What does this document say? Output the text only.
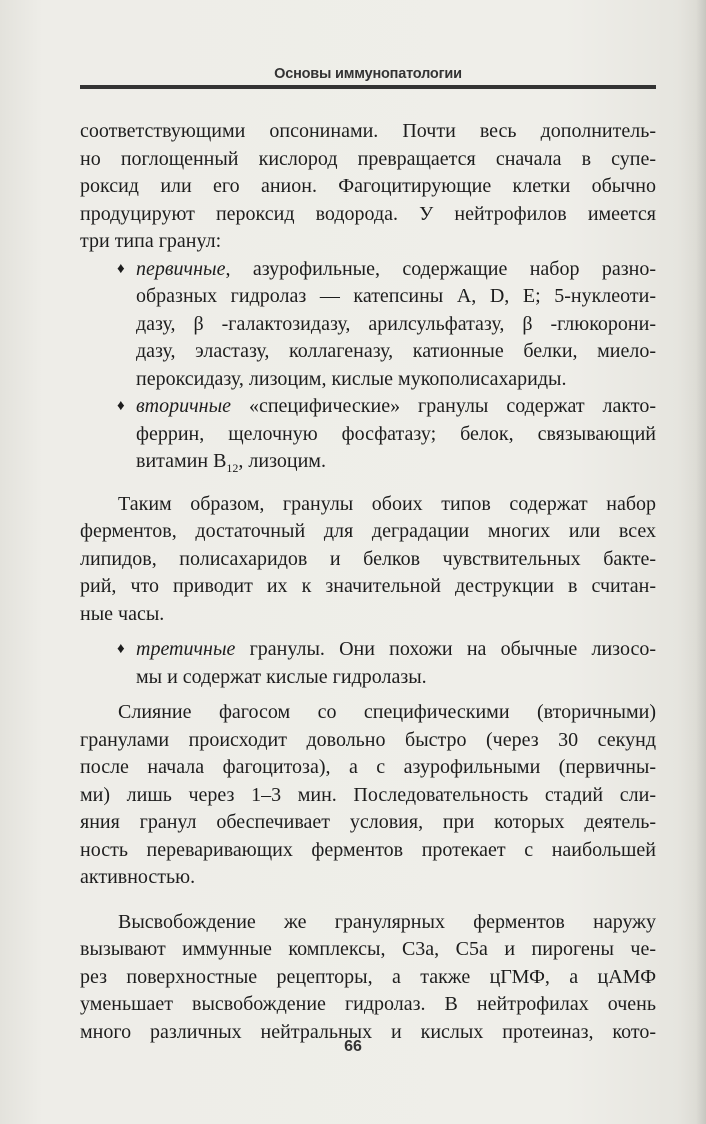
Основы иммунопатологии

соответствующими опсонинами. Почти весь дополнитель-
но поглощенный кислород превращается сначала в супе-
роксид или его анион. Фагоцитирующие клетки обычно
продуцируют пероксид водорода. У нейтрофилов имеется
три типа гранул:

♦ первичные, азурофильные, содержащие набор разно-
образных гидролаз — катепсины A, D, E; 5-нуклеоти-
дазу, β -галактозидазу, арилсульфатазу, β -глюкорони-
дазу, эластазу, коллагеназу, катионные белки, миело-
пероксидазу, лизоцим, кислые мукополисахариды.
♦ вторичные «специфические» гранулы содержат лакто-
феррин, щелочную фосфатазу; белок, связывающий
витамин $B_{12}$, лизоцим.

Таким образом, гранулы обоих типов содержат набор
ферментов, достаточный для деградации многих или всех
липидов, полисахаридов и белков чувствительных бакте-
рий, что приводит их к значительной деструкции в считан-
ные часы.

♦ третичные гранулы. Они похожи на обычные лизосо-
мы и содержат кислые гидролазы.

Слияние фагосом со специфическими (вторичными)
гранулами происходит довольно быстро (через 30 секунд
после начала фагоцитоза), а с азурофильными (первичны-
ми) лишь через 1–3 мин. Последовательность стадий сли-
яния гранул обеспечивает условия, при которых деятель-
ность переваривающих ферментов протекает с наибольшей
активностью.

Высвобождение же гранулярных ферментов наружу
вызывают иммунные комплексы, C3a, C5a и пирогены че-
рез поверхностные рецепторы, а также цГМФ, а цАМФ
уменьшает высвобождение гидролаз. В нейтрофилах очень
много различных нейтральных и кислых протеиназ, кото-

66
